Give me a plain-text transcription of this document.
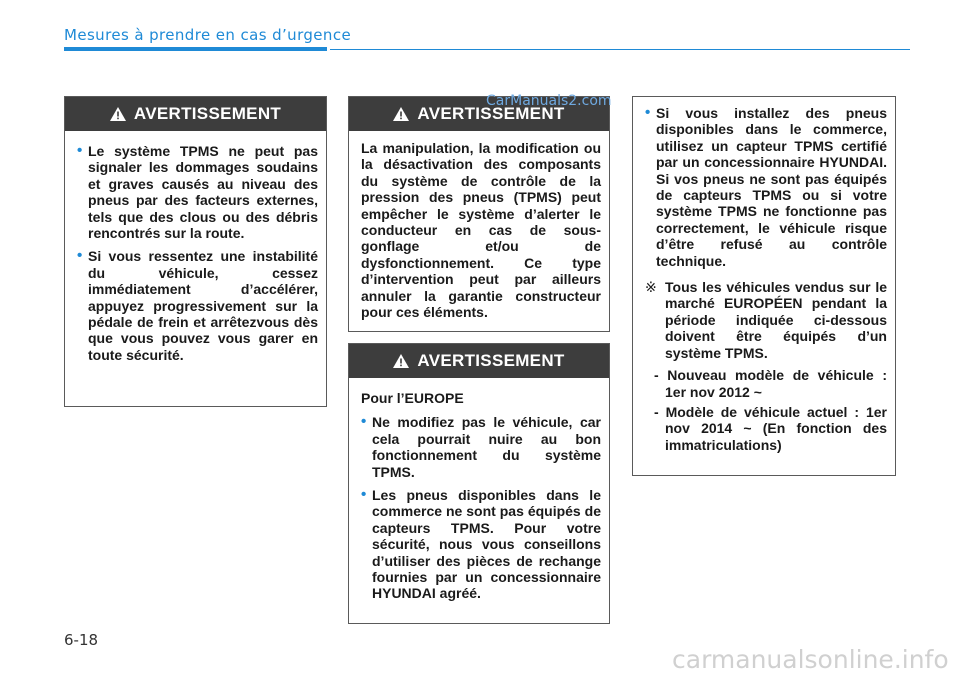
Mesures à prendre en cas d’urgence
AVERTISSEMENT
• Le système TPMS ne peut pas signaler les dommages soudains et graves causés au niveau des pneus par des facteurs externes, tels que des clous ou des débris rencontrés sur la route.
• Si vous ressentez une instabilité du véhicule, cessez immédiatement d’accélérer, appuyez progressivement sur la pédale de frein et arrêtezvous dès que vous pouvez vous garer en toute sécurité.
AVERTISSEMENT

La manipulation, la modification ou la désactivation des composants du système de contrôle de la pression des pneus (TPMS) peut empêcher le système d’alerter le conducteur en cas de sous-gonflage et/ou de dysfonctionnement. Ce type d’intervention peut par ailleurs annuler la garantie constructeur pour ces éléments.

AVERTISSEMENT

Pour l’EUROPE

• Ne modifiez pas le véhicule, car cela pourrait nuire au bon fonctionnement du système TPMS.
• Les pneus disponibles dans le commerce ne sont pas équipés de capteurs TPMS. Pour votre sécurité, nous vous conseillons d’utiliser des pièces de rechange fournies par un concessionnaire HYUNDAI agréé.
• Si vous installez des pneus disponibles dans le commerce, utilisez un capteur TPMS certifié par un concessionnaire HYUNDAI. Si vos pneus ne sont pas équipés de capteurs TPMS ou si votre système TPMS ne fonctionne pas correctement, le véhicule risque d’être refusé au contrôle technique.
※ Tous les véhicules vendus sur le marché EUROPÉEN pendant la période indiquée ci-dessous doivent être équipés d’un système TPMS.
- Nouveau modèle de véhicule : 1er nov 2012 ~
- Modèle de véhicule actuel : 1er nov 2014 ~ (En fonction des immatriculations)
CarManuals2.com
6-18
carmanualsonline.info
